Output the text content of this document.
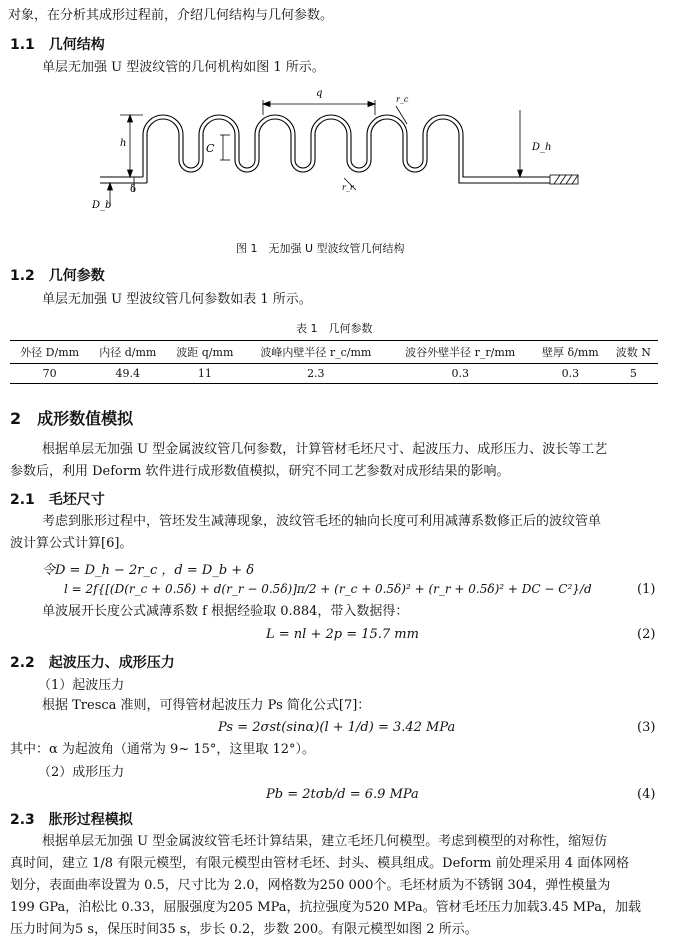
对象，在分析其成形过程前，介绍几何结构与几何参数。
1.1　几何结构
单层无加强 U 型波纹管的几何机构如图 1 所示。
q
h	C
δ
D_b
D_h
r_c
r_r
图 1　无加强 U 型波纹管几何结构
1.2　几何参数
单层无加强 U 型波纹管几何参数如表 1 所示。
表 1　几何参数
外径 D/mm	内径 d/mm	波距 q/mm	波峰内壁半径 r_c/mm	波谷外壁半径 r_r/mm	壁厚 δ/mm	波数 N
70	49.4	11	2.3	0.3	0.3	5
2　成形数值模拟
根据单层无加强 U 型金属波纹管几何参数，计算管材毛坯尺寸、起波压力、成形压力、波长等工艺
参数后，利用 Deform 软件进行成形数值模拟，研究不同工艺参数对成形结果的影响。
2.1　毛坯尺寸
考虑到胀形过程中，管坯发生减薄现象，波纹管毛坯的轴向长度可利用减薄系数修正后的波纹管单
波计算公式计算[6]。
令D = D_h − 2r_c ，d = D_b + δ
l = 2f{[(D(r_c + 0.5δ) + d(r_r − 0.5δ)]π/2 + (r_c + 0.5δ)² + (r_r + 0.5δ)² + DC − C²}/d	(1)
单波展开长度公式减薄系数 f 根据经验取 0.884，带入数据得：
L = nl + 2p = 15.7 mm	(2)
2.2　起波压力、成形压力
（1）起波压力
根据 Tresca 准则，可得管材起波压力 Ps 简化公式[7]：
Ps = 2σst(sinα)(l + 1/d) = 3.42 MPa	(3)
其中：α 为起波角（通常为 9~ 15°，这里取 12°）。
（2）成形压力
Pb = 2tσb/d = 6.9 MPa	(4)
2.3　胀形过程模拟
根据单层无加强 U 型金属波纹管毛坯计算结果，建立毛坯几何模型。考虑到模型的对称性，缩短仿
真时间，建立 1/8 有限元模型，有限元模型由管材毛坯、封头、模具组成。Deform 前处理采用 4 面体网格
划分，表面曲率设置为 0.5，尺寸比为 2.0，网格数为250 000个。毛坯材质为不锈钢 304，弹性模量为
199 GPa，泊松比 0.33，屈服强度为205 MPa，抗拉强度为520 MPa。管材毛坯压力加载3.45 MPa，加载
压力时间为5 s，保压时间35 s，步长 0.2，步数 200。有限元模型如图 2 所示。
